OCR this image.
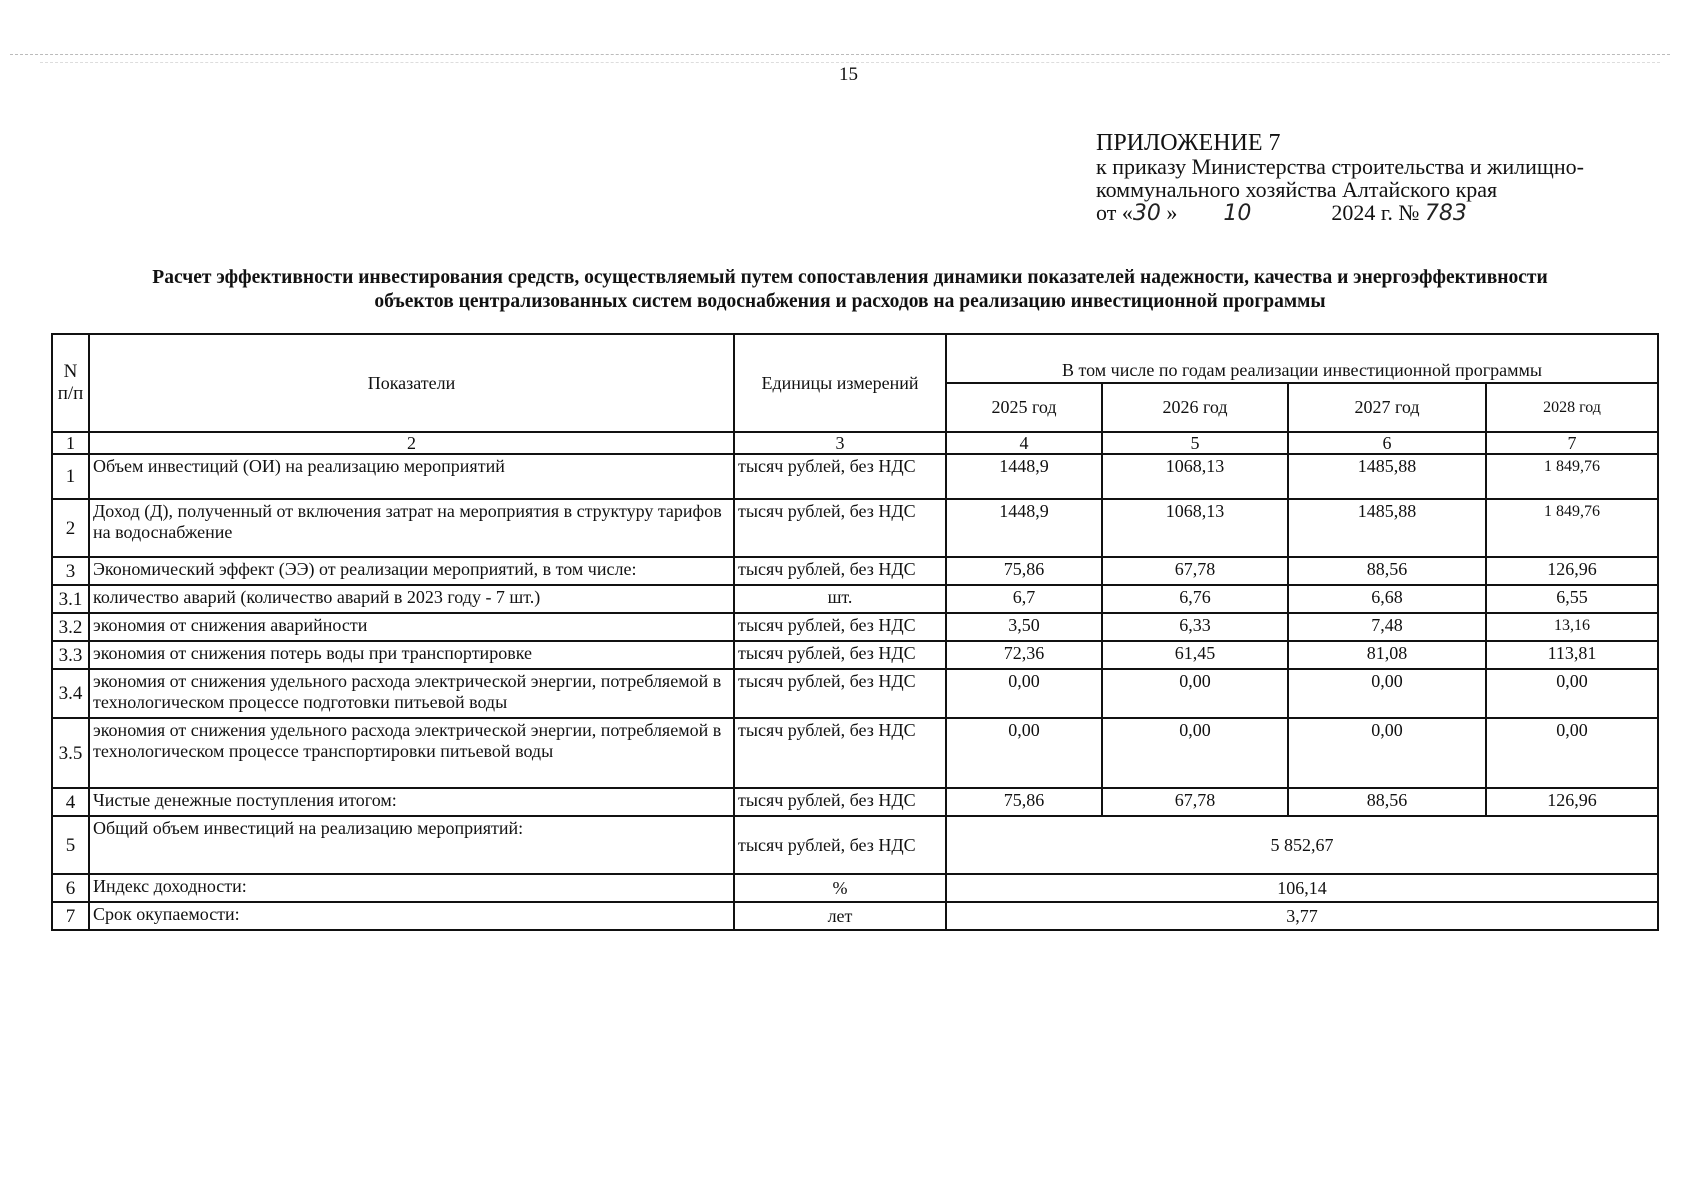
15
ПРИЛОЖЕНИЕ 7
к приказу Министерства строительства и жилищно-
коммунального хозяйства Алтайского края
от «30 » 10	2024 г. № 783
Расчет эффективности инвестирования средств, осуществляемый путем сопоставления динамики показателей надежности, качества и энергоэффективности
объектов централизованных систем водоснабжения и расходов на реализацию инвестиционной программы
N
п/п	Показатели	Единицы измерений	В том числе по годам реализации инвестиционной программы			
			2025 год	2026 год	2027 год	2028 год
1	2	3	4	5	6	7
1	Объем инвестиций (ОИ) на реализацию мероприятий	тысяч рублей, без НДС	1448,9	1068,13	1485,88	1 849,76
2	Доход (Д), полученный от включения затрат на мероприятия в структуру тарифов на водоснабжение	тысяч рублей, без НДС	1448,9	1068,13	1485,88	1 849,76
3	Экономический эффект (ЭЭ) от реализации мероприятий, в том числе:	тысяч рублей, без НДС	75,86	67,78	88,56	126,96
3.1	количество аварий (количество аварий в 2023 году - 7 шт.)	шт.	6,7	6,76	6,68	6,55
3.2	экономия от снижения аварийности	тысяч рублей, без НДС	3,50	6,33	7,48	13,16
3.3	экономия от снижения потерь воды при транспортировке	тысяч рублей, без НДС	72,36	61,45	81,08	113,81
3.4	экономия от снижения удельного расхода электрической энергии, потребляемой в технологическом процессе подготовки питьевой воды	тысяч рублей, без НДС	0,00	0,00	0,00	0,00
3.5	экономия от снижения удельного расхода электрической энергии, потребляемой в технологическом процессе транспортировки питьевой воды	тысяч рублей, без НДС	0,00	0,00	0,00	0,00
4	Чистые денежные поступления итогом:	тысяч рублей, без НДС	75,86	67,78	88,56	126,96
5	Общий объем инвестиций на реализацию мероприятий:	тысяч рублей, без НДС	5 852,67			
6	Индекс доходности:	%	106,14			
7	Срок окупаемости:	лет	3,77			
